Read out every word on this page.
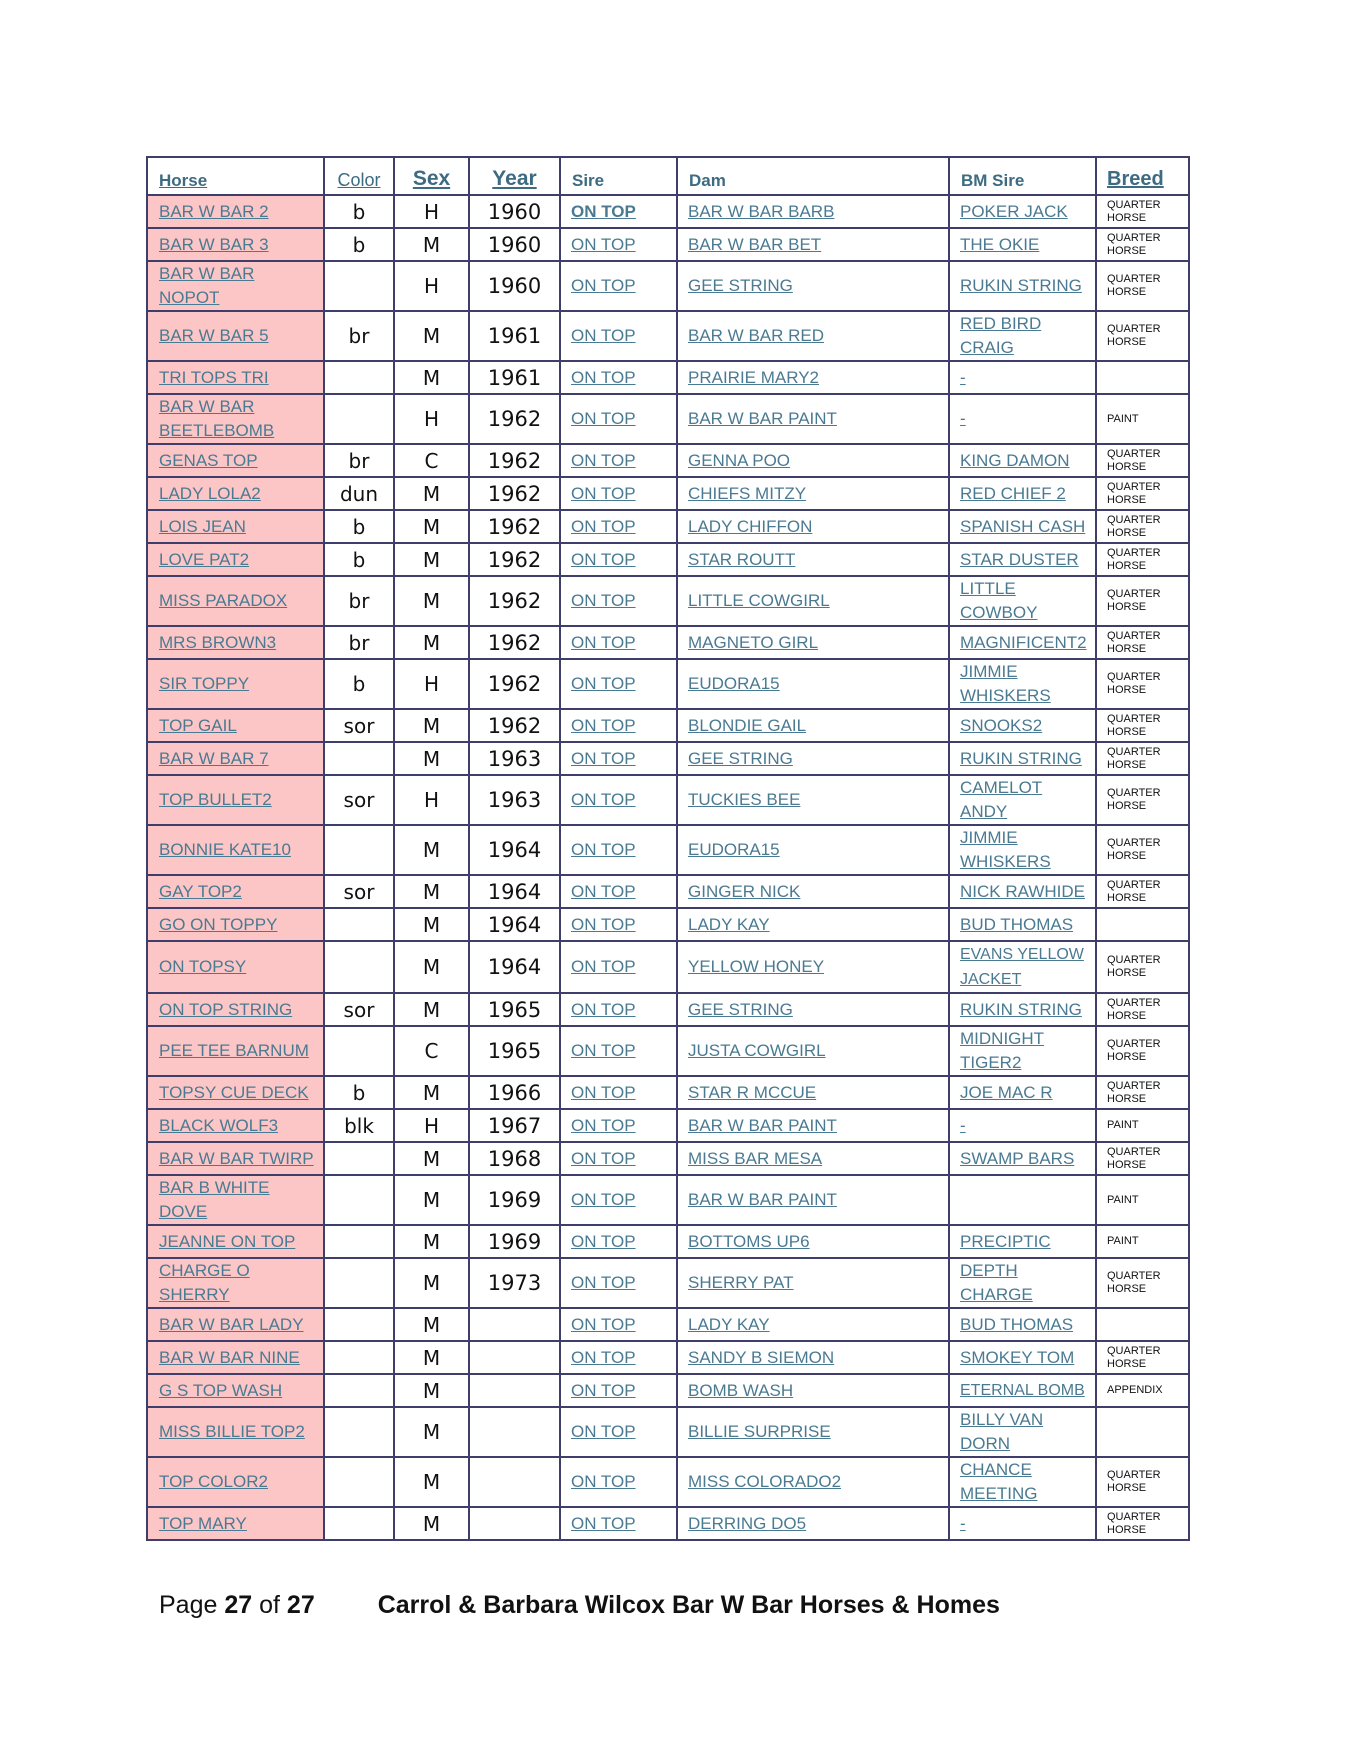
Horse	Color	Sex	Year	Sire	Dam	BM Sire	Breed
BAR W BAR 2	b	H	1960	ON TOP	BAR W BAR BARB	POKER JACK	QUARTER HORSE
BAR W BAR 3	b	M	1960	ON TOP	BAR W BAR BET	THE OKIE	QUARTER HORSE
BAR W BAR NOPOT		H	1960	ON TOP	GEE STRING	RUKIN STRING	QUARTER HORSE
BAR W BAR 5	br	M	1961	ON TOP	BAR W BAR RED	RED BIRD CRAIG	QUARTER HORSE
TRI TOPS TRI		M	1961	ON TOP	PRAIRIE MARY2	-	
BAR W BAR BEETLEBOMB		H	1962	ON TOP	BAR W BAR PAINT	-	PAINT
GENAS TOP	br	C	1962	ON TOP	GENNA POO	KING DAMON	QUARTER HORSE
LADY LOLA2	dun	M	1962	ON TOP	CHIEFS MITZY	RED CHIEF 2	QUARTER HORSE
LOIS JEAN	b	M	1962	ON TOP	LADY CHIFFON	SPANISH CASH	QUARTER HORSE
LOVE PAT2	b	M	1962	ON TOP	STAR ROUTT	STAR DUSTER	QUARTER HORSE
MISS PARADOX	br	M	1962	ON TOP	LITTLE COWGIRL	LITTLE COWBOY	QUARTER HORSE
MRS BROWN3	br	M	1962	ON TOP	MAGNETO GIRL	MAGNIFICENT2	QUARTER HORSE
SIR TOPPY	b	H	1962	ON TOP	EUDORA15	JIMMIE WHISKERS	QUARTER HORSE
TOP GAIL	sor	M	1962	ON TOP	BLONDIE GAIL	SNOOKS2	QUARTER HORSE
BAR W BAR 7		M	1963	ON TOP	GEE STRING	RUKIN STRING	QUARTER HORSE
TOP BULLET2	sor	H	1963	ON TOP	TUCKIES BEE	CAMELOT ANDY	QUARTER HORSE
BONNIE KATE10		M	1964	ON TOP	EUDORA15	JIMMIE WHISKERS	QUARTER HORSE
GAY TOP2	sor	M	1964	ON TOP	GINGER NICK	NICK RAWHIDE	QUARTER HORSE
GO ON TOPPY		M	1964	ON TOP	LADY KAY	BUD THOMAS	
ON TOPSY		M	1964	ON TOP	YELLOW HONEY	EVANS YELLOW JACKET	QUARTER HORSE
ON TOP STRING	sor	M	1965	ON TOP	GEE STRING	RUKIN STRING	QUARTER HORSE
PEE TEE BARNUM		C	1965	ON TOP	JUSTA COWGIRL	MIDNIGHT TIGER2	QUARTER HORSE
TOPSY CUE DECK	b	M	1966	ON TOP	STAR R MCCUE	JOE MAC R	QUARTER HORSE
BLACK WOLF3	blk	H	1967	ON TOP	BAR W BAR PAINT	-	PAINT
BAR W BAR TWIRP		M	1968	ON TOP	MISS BAR MESA	SWAMP BARS	QUARTER HORSE
BAR B WHITE DOVE		M	1969	ON TOP	BAR W BAR PAINT		PAINT
JEANNE ON TOP		M	1969	ON TOP	BOTTOMS UP6	PRECIPTIC	PAINT
CHARGE O SHERRY		M	1973	ON TOP	SHERRY PAT	DEPTH CHARGE	QUARTER HORSE
BAR W BAR LADY		M		ON TOP	LADY KAY	BUD THOMAS	
BAR W BAR NINE		M		ON TOP	SANDY B SIEMON	SMOKEY TOM	QUARTER HORSE
G S TOP WASH		M		ON TOP	BOMB WASH	ETERNAL BOMB	APPENDIX
MISS BILLIE TOP2		M		ON TOP	BILLIE SURPRISE	BILLY VAN DORN	
TOP COLOR2		M		ON TOP	MISS COLORADO2	CHANCE MEETING	QUARTER HORSE
TOP MARY		M		ON TOP	DERRING DO5	-	QUARTER HORSE
Page 27 of 27	Carrol & Barbara Wilcox Bar W Bar Horses & Homes
